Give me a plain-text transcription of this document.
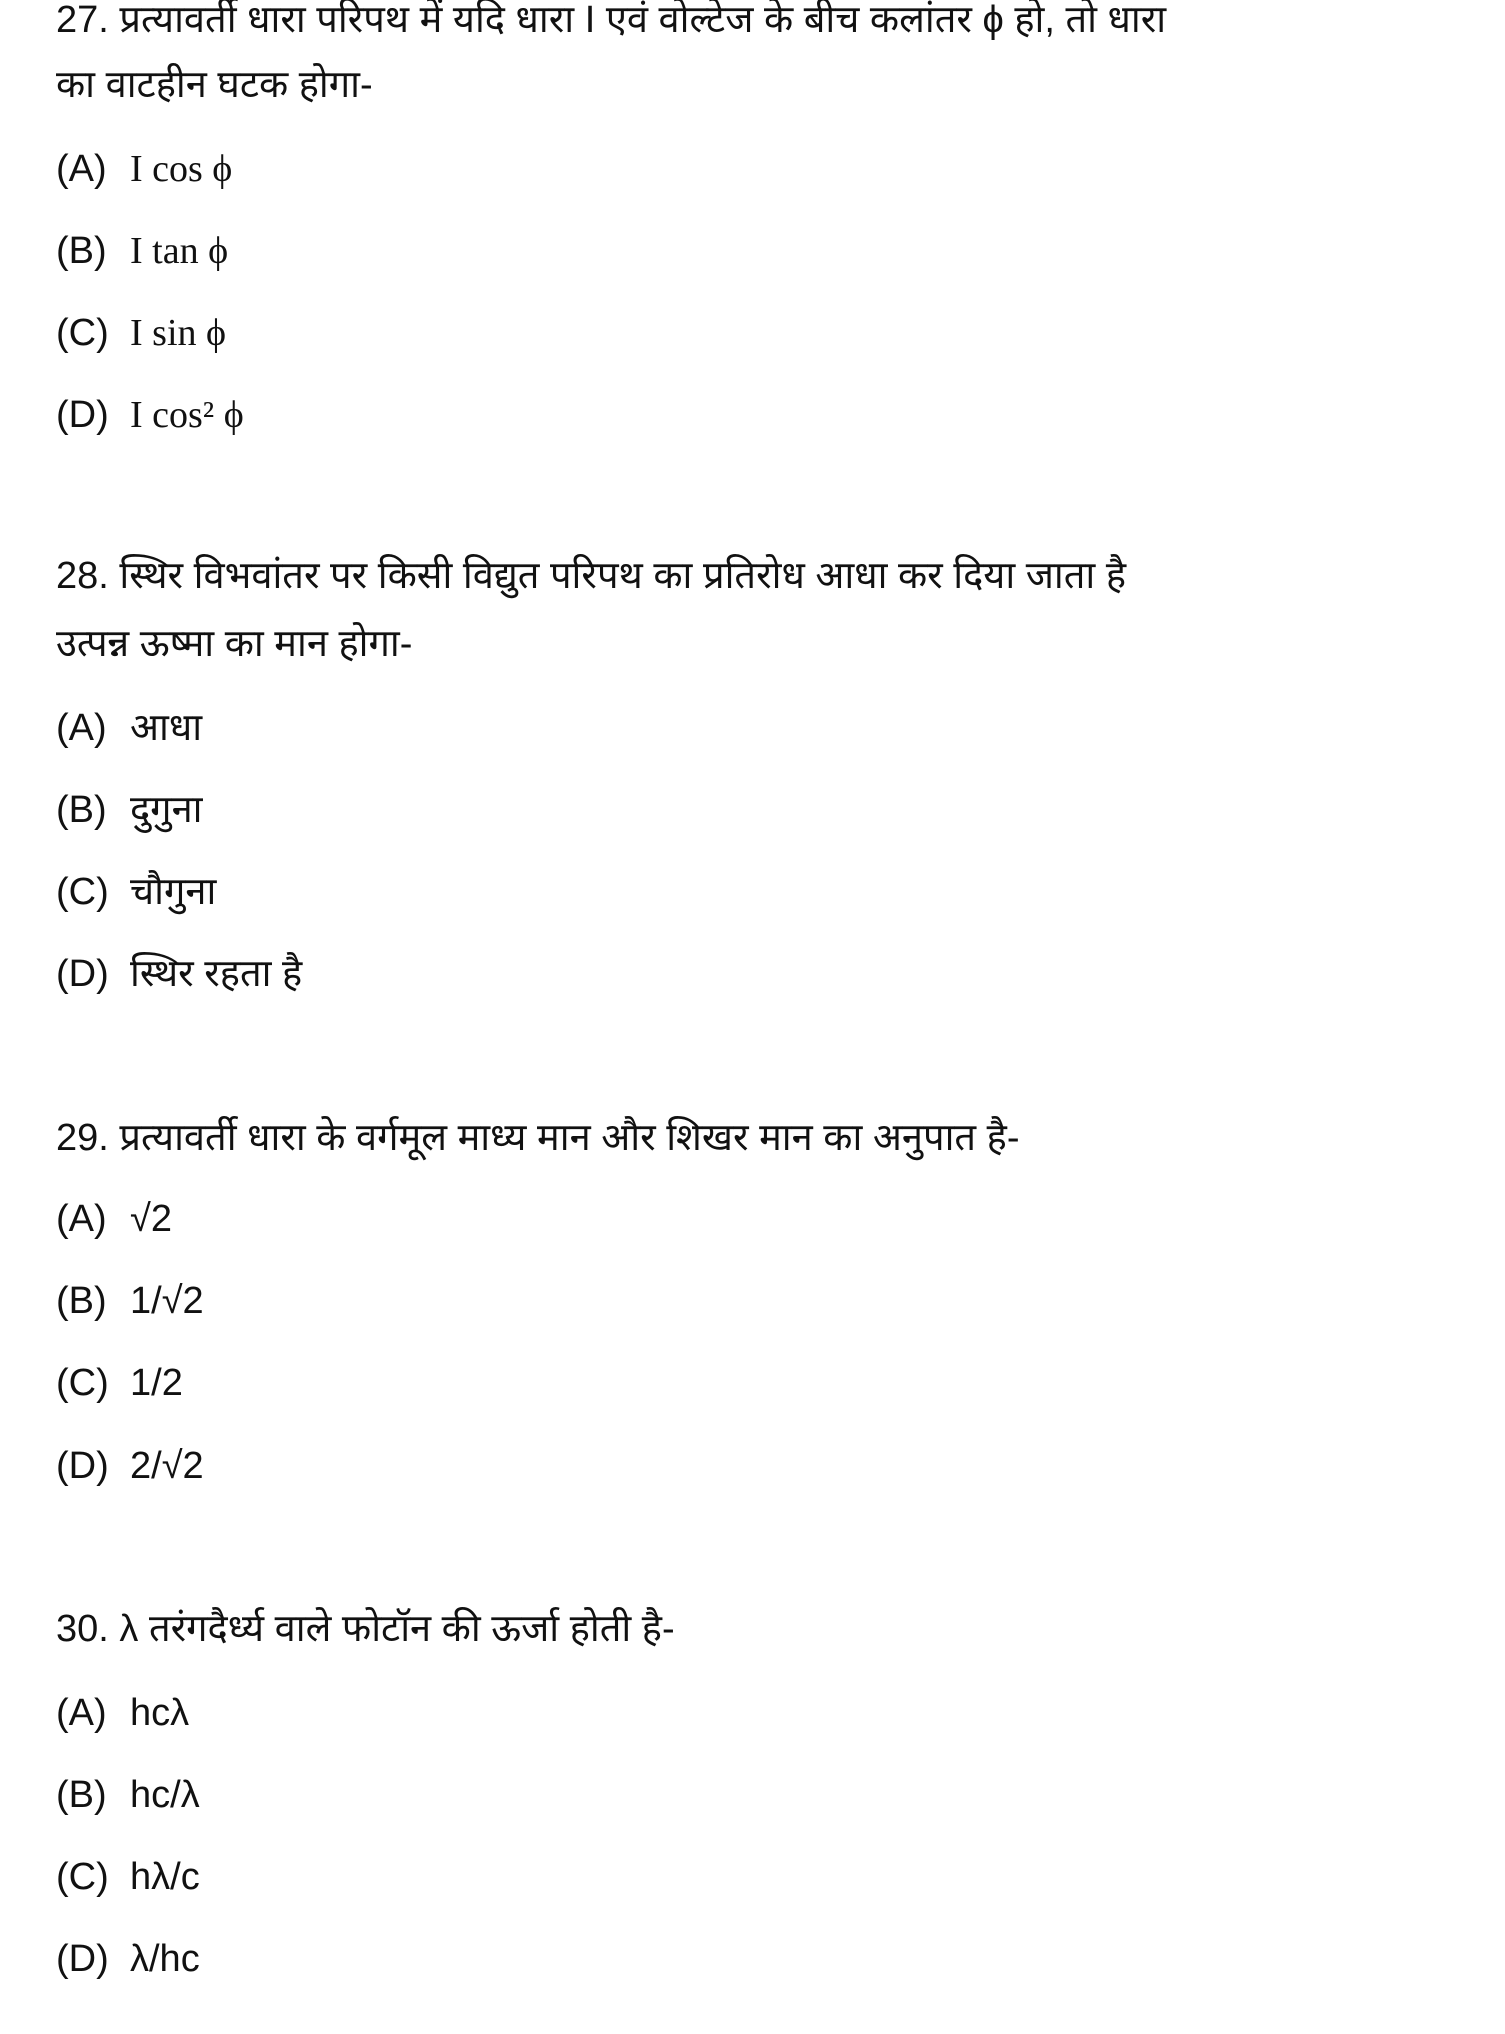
27. प्रत्यावर्ती धारा परिपथ में यदि धारा I एवं वोल्टेज के बीच कलांतर ϕ हो, तो धारा
का वाटहीन घटक होगा-
(A) I cos ϕ
(B) I tan ϕ
(C) I sin ϕ
(D) I cos² ϕ
28. स्थिर विभवांतर पर किसी विद्युत परिपथ का प्रतिरोध आधा कर दिया जाता है
उत्पन्न ऊष्मा का मान होगा-
(A) आधा
(B) दुगुना
(C) चौगुना
(D) स्थिर रहता है
29. प्रत्यावर्ती धारा के वर्गमूल माध्य मान और शिखर मान का अनुपात है-
(A) √2
(B) 1/√2
(C) 1/2
(D) 2/√2
30. λ तरंगदैर्ध्य वाले फोटॉन की ऊर्जा होती है-
(A) hcλ
(B) hc/λ
(C) hλ/c
(D) λ/hc
